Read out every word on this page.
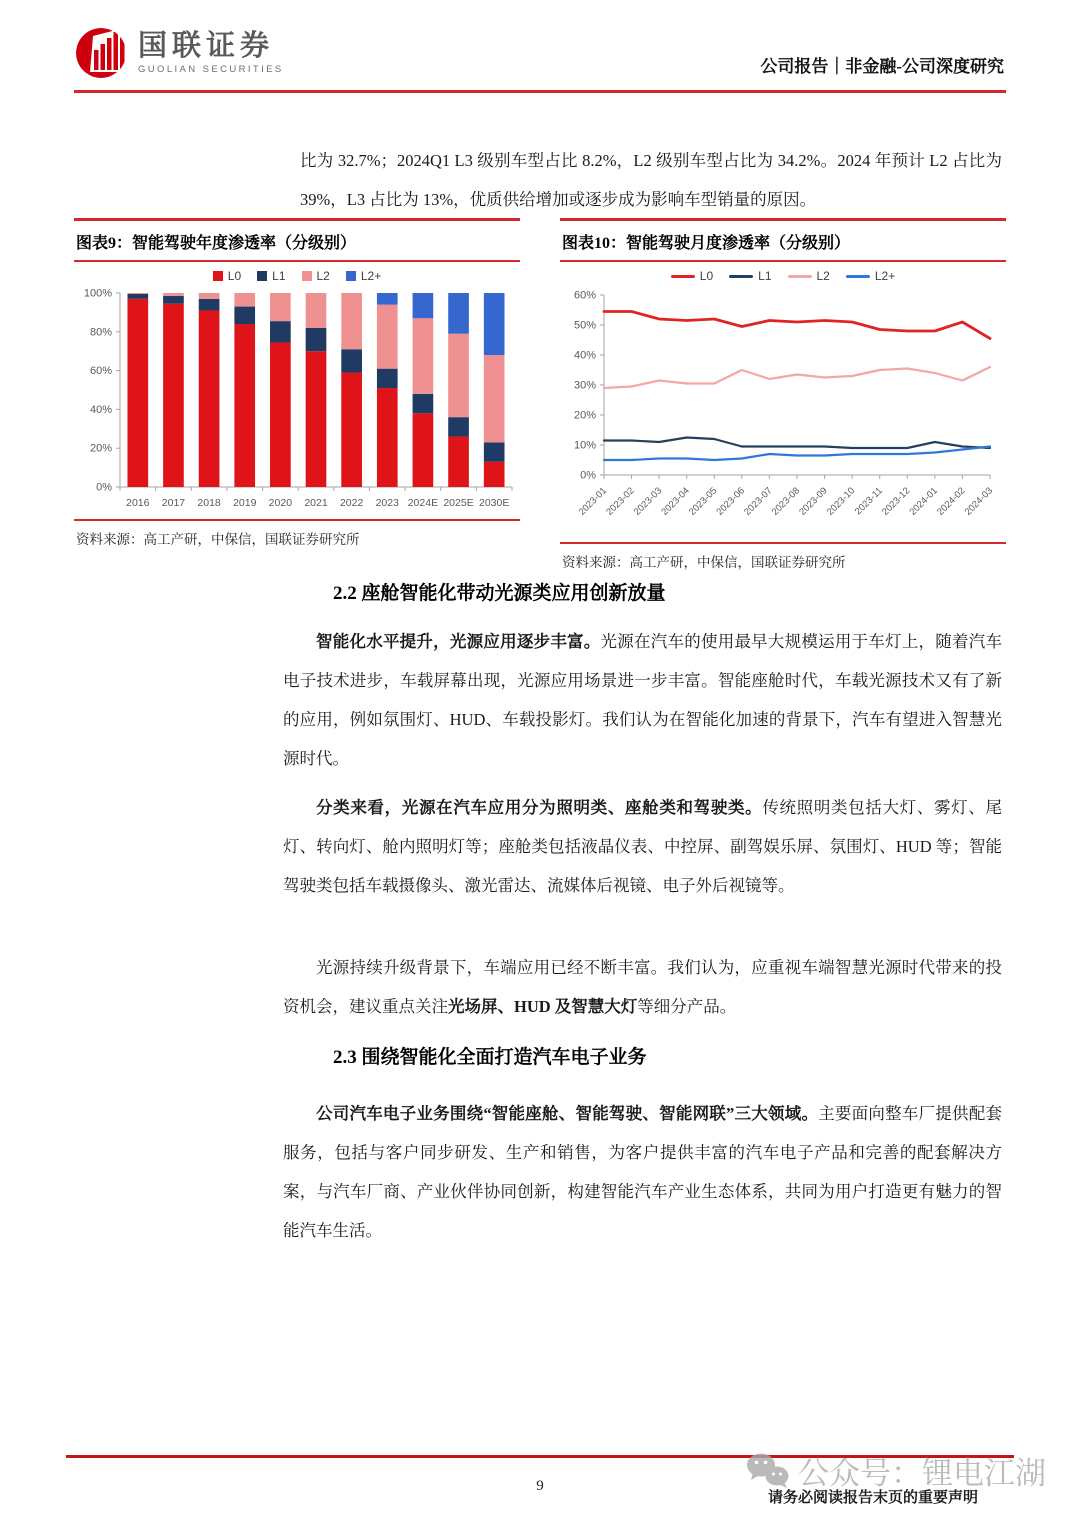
国联证券
GUOLIAN SECURITIES	公司报告｜非金融-公司深度研究

比为 32.7%；2024Q1 L3 级别车型占比 8.2%，L2 级别车型占比为 34.2%。2024 年预计 L2 占比为 39%，L3 占比为 13%，优质供给增加或逐步成为影响车型销量的原因。

图表9：智能驾驶年度渗透率（分级别）
L0	L1	L2	L2+
0%
20%
40%
60%
80%
100%
2016 2017 2018 2019 2020 2021 2022 2023 2024E 2025E 2030E
资料来源：高工产研，中保信，国联证券研究所
图表10：智能驾驶月度渗透率（分级别）
L0	L1	L2	L2+
0%
10%
20%
30%
40%
50%
60%
2023-01
2023-02
2023-03
2023-04
2023-05
2023-06
2023-07
2023-08
2023-09
2023-10
2023-11
2023-12
2024-01
2024-02
2024-03
资料来源：高工产研，中保信，国联证券研究所
2.2 座舱智能化带动光源类应用创新放量

智能化水平提升，光源应用逐步丰富。光源在汽车的使用最早大规模运用于车灯上，随着汽车电子技术进步，车载屏幕出现，光源应用场景进一步丰富。智能座舱时代，车载光源技术又有了新的应用，例如氛围灯、HUD、车载投影灯。我们认为在智能化加速的背景下，汽车有望进入智慧光源时代。

分类来看，光源在汽车应用分为照明类、座舱类和驾驶类。传统照明类包括大灯、雾灯、尾灯、转向灯、舱内照明灯等；座舱类包括液晶仪表、中控屏、副驾娱乐屏、氛围灯、HUD 等；智能驾驶类包括车载摄像头、激光雷达、流媒体后视镜、电子外后视镜等。

光源持续升级背景下，车端应用已经不断丰富。我们认为，应重视车端智慧光源时代带来的投资机会，建议重点关注光场屏、HUD 及智慧大灯等细分产品。

2.3 围绕智能化全面打造汽车电子业务

公司汽车电子业务围绕“智能座舱、智能驾驶、智能网联”三大领域。主要面向整车厂提供配套服务，包括与客户同步研发、生产和销售，为客户提供丰富的汽车电子产品和完善的配套解决方案，与汽车厂商、产业伙伴协同创新，构建智能汽车产业生态体系，共同为用户打造更有魅力的智能汽车生活。

9	公众号：锂电江湖
请务必阅读报告末页的重要声明
